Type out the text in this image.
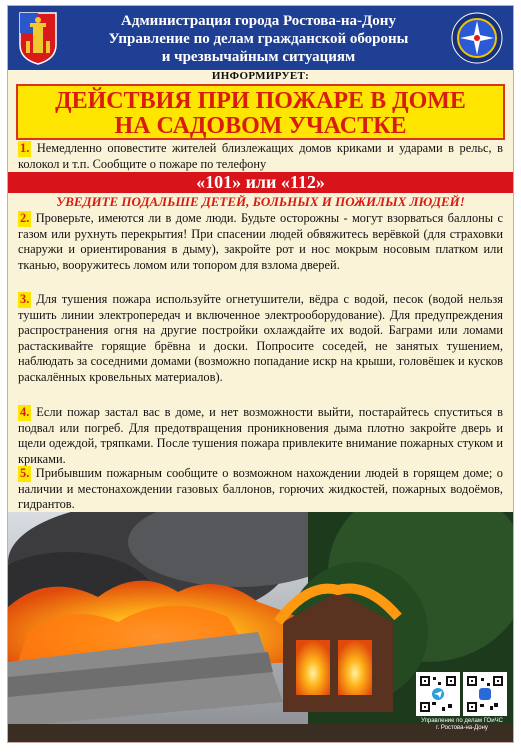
Администрация города Ростова-на-Дону
Управление по делам гражданской обороны
и чрезвычайным ситуациям
ИНФОРМИРУЕТ:
ДЕЙСТВИЯ ПРИ ПОЖАРЕ В ДОМЕ
НА САДОВОМ УЧАСТКЕ
1. Немедленно оповестите жителей близлежащих домов криками и ударами в рельс, в колокол и т.п. Сообщите о пожаре по телефону
«101» или «112»
УВЕДИТЕ ПОДАЛЬШЕ ДЕТЕЙ, БОЛЬНЫХ И ПОЖИЛЫХ ЛЮДЕЙ!
2. Проверьте, имеются ли в доме люди. Будьте осторожны - могут взорваться баллоны с газом или рухнуть перекрытия! При спасении людей обвяжитесь верёвкой (для страховки снаружи и ориентирования в дыму), закройте рот и нос мокрым носовым платком или тканью, вооружитесь ломом или топором для взлома дверей.
3. Для тушения пожара используйте огнетушители, вёдра с водой, песок (водой нельзя тушить линии электропередач и включенное электрооборудование). Для предупреждения распространения огня на другие постройки охлаждайте их водой. Баграми или ломами растаскивайте горящие брёвна и доски. Попросите соседей, не занятых тушением, наблюдать за соседними домами (возможно попадание искр на крыши, головёшек и кусков раскалённых кровельных материалов).
4. Если пожар застал вас в доме, и нет возможности выйти, постарайтесь спуститься в подвал или погреб. Для предотвращения проникновения дыма плотно закройте дверь и щели одеждой, тряпками. После тушения пожара привлеките внимание пожарных стуком и криками.
5. Прибывшим пожарным сообщите о возможном нахождении людей в горящем доме; о наличии и местонахождении газовых баллонов, горючих жидкостей, пожарных водоёмов, гидрантов.
Управление по делам ГОиЧС
г. Ростова-на-Дону
